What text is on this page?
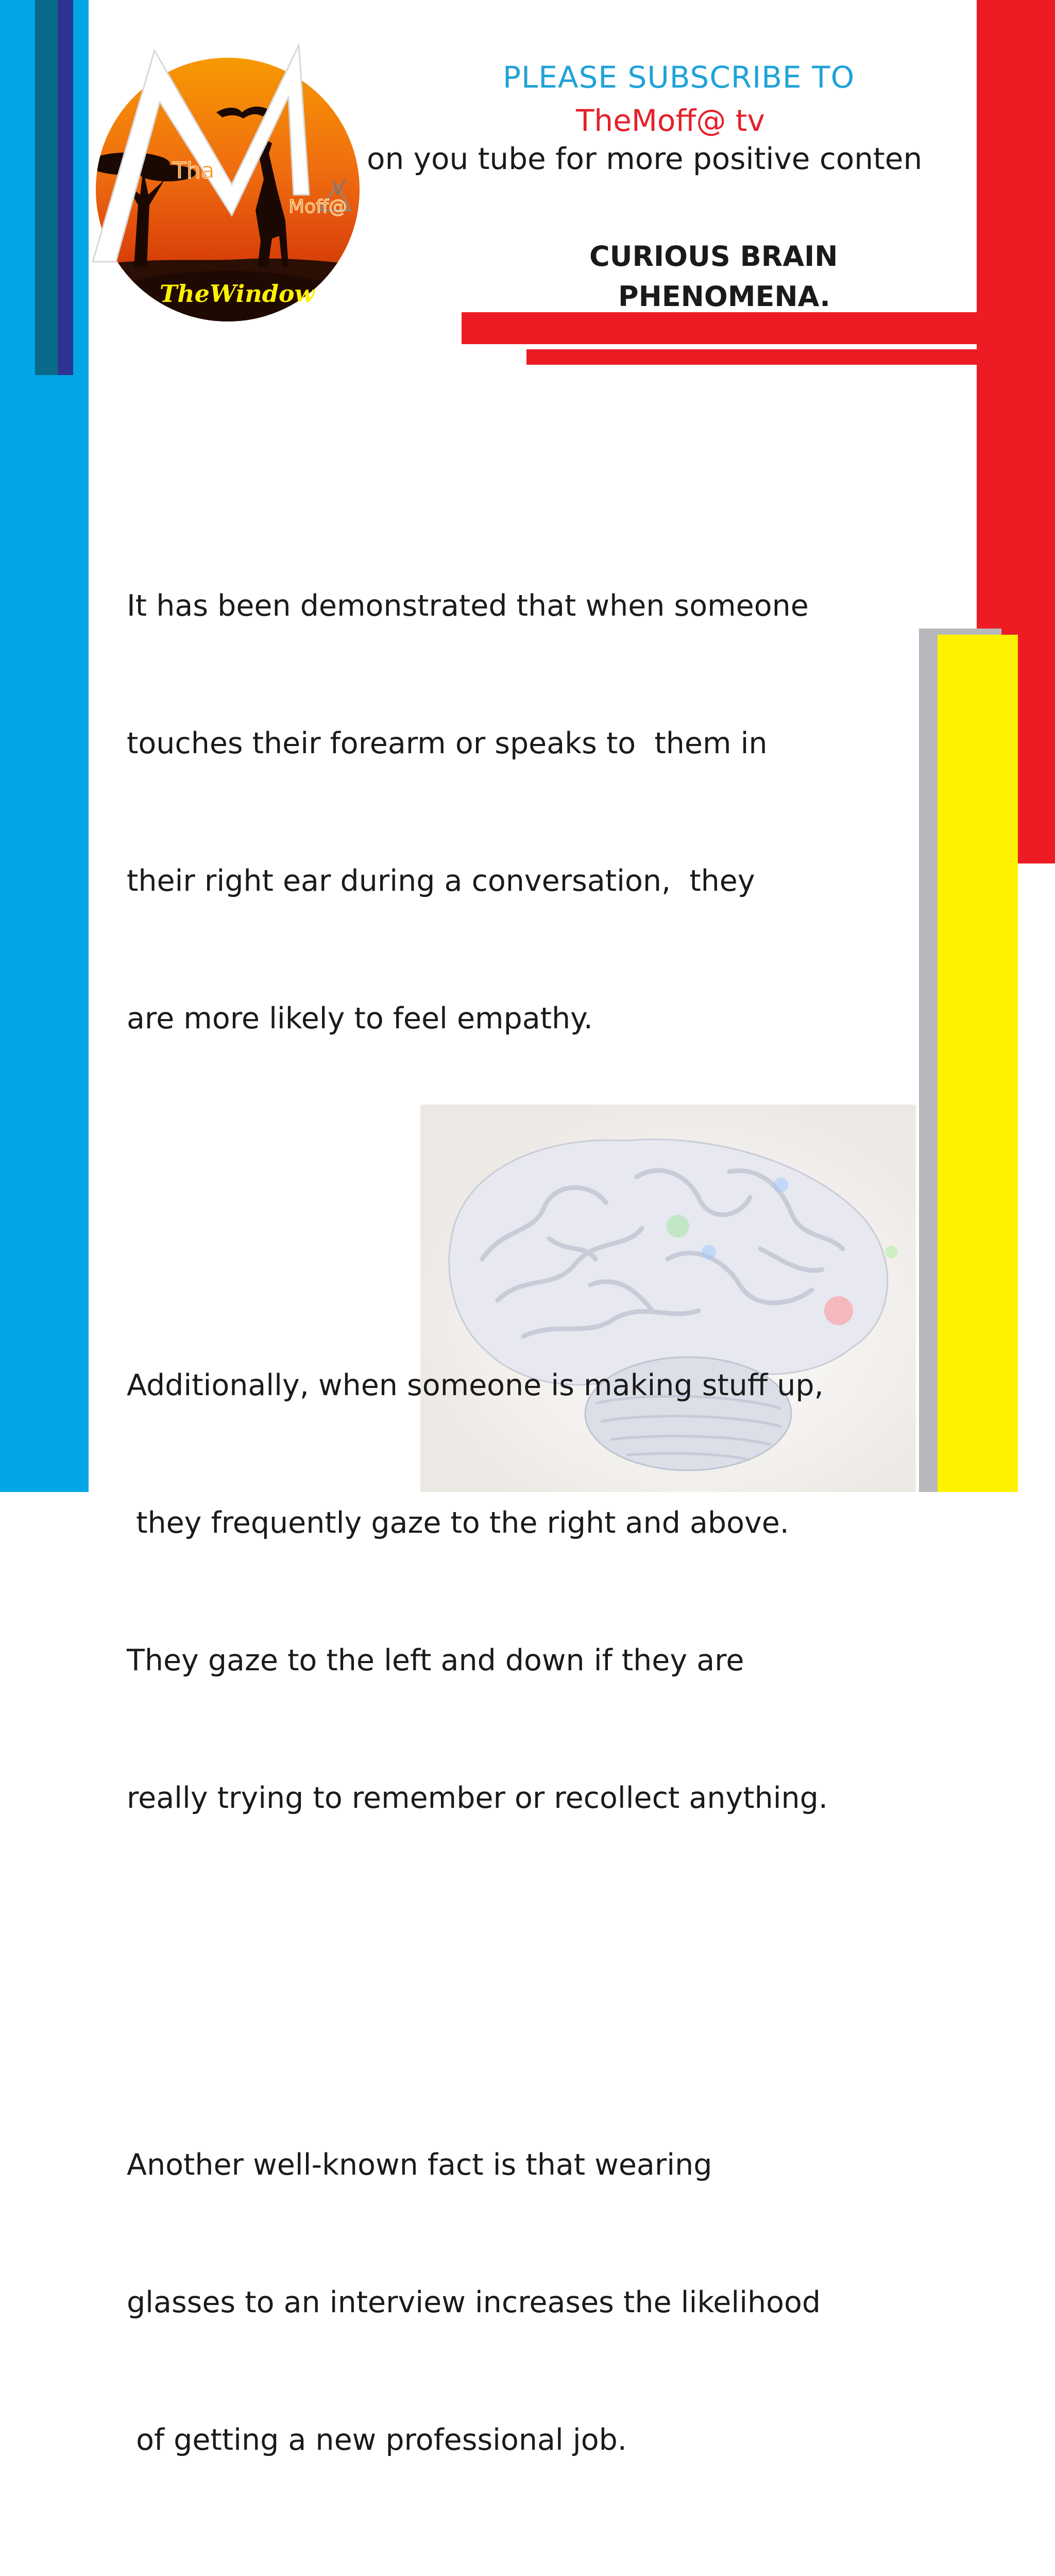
Tha
Moff@
TheWindow
PLEASE SUBSCRIBE TO
TheMoff@ tv
on you tube for more positive conten
CURIOUS BRAIN
PHENOMENA.

It has been demonstrated that when someone

touches their forearm or speaks to  them in

their right ear during a conversation,  they

are more likely to feel empathy.

Additionally, when someone is making stuff up,

they frequently gaze to the right and above.

They gaze to the left and down if they are

really trying to remember or recollect anything.

Another well-known fact is that wearing

glasses to an interview increases the likelihood

of getting a new professional job.
